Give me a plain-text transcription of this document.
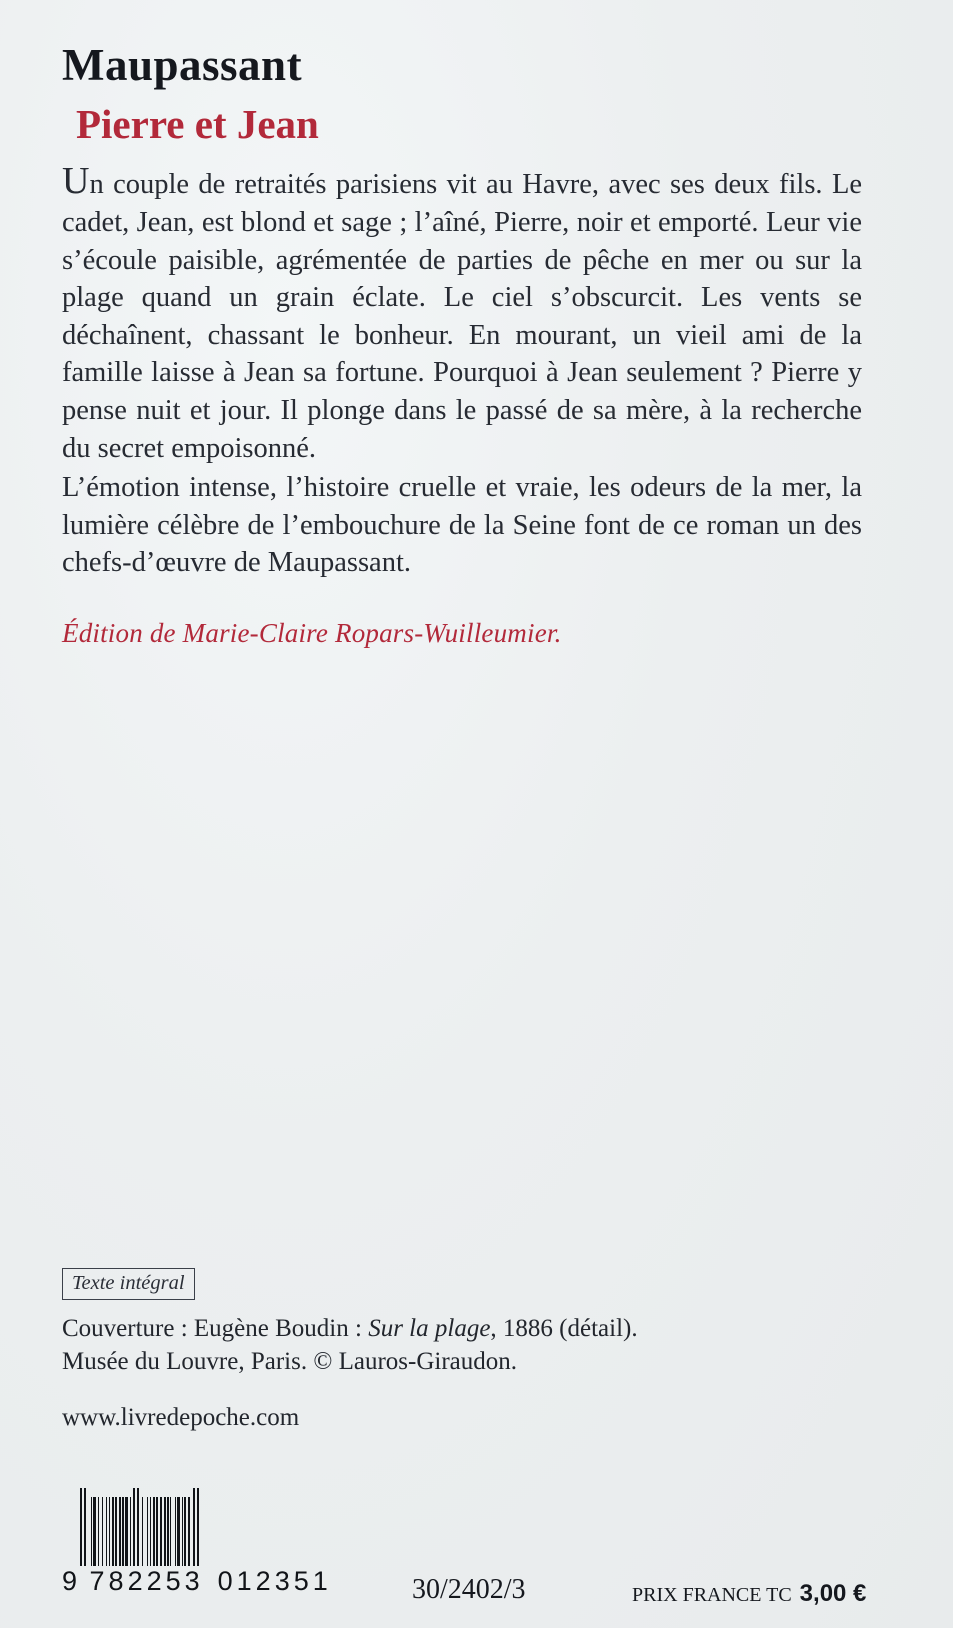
Maupassant
Pierre et Jean

Un couple de retraités parisiens vit au Havre, avec ses deux fils. Le cadet, Jean, est blond et sage ; l’aîné, Pierre, noir et emporté. Leur vie s’écoule paisible, agrémentée de parties de pêche en mer ou sur la plage quand un grain éclate. Le ciel s’obscurcit. Les vents se déchaînent, chassant le bonheur. En mourant, un vieil ami de la famille laisse à Jean sa fortune. Pourquoi à Jean seulement ? Pierre y pense nuit et jour. Il plonge dans le passé de sa mère, à la recherche du secret empoisonné.

L’émotion intense, l’histoire cruelle et vraie, les odeurs de la mer, la lumière célèbre de l’embouchure de la Seine font de ce roman un des chefs-d’œuvre de Maupassant.

Édition de Marie-Claire Ropars-Wuilleumier.
Texte intégral
Couverture : Eugène Boudin : Sur la plage, 1886 (détail).
Musée du Louvre, Paris. © Lauros-Giraudon.
www.livredepoche.com
9 782253 012351	30/2402/3	PRIX FRANCE TC 3,00 €
